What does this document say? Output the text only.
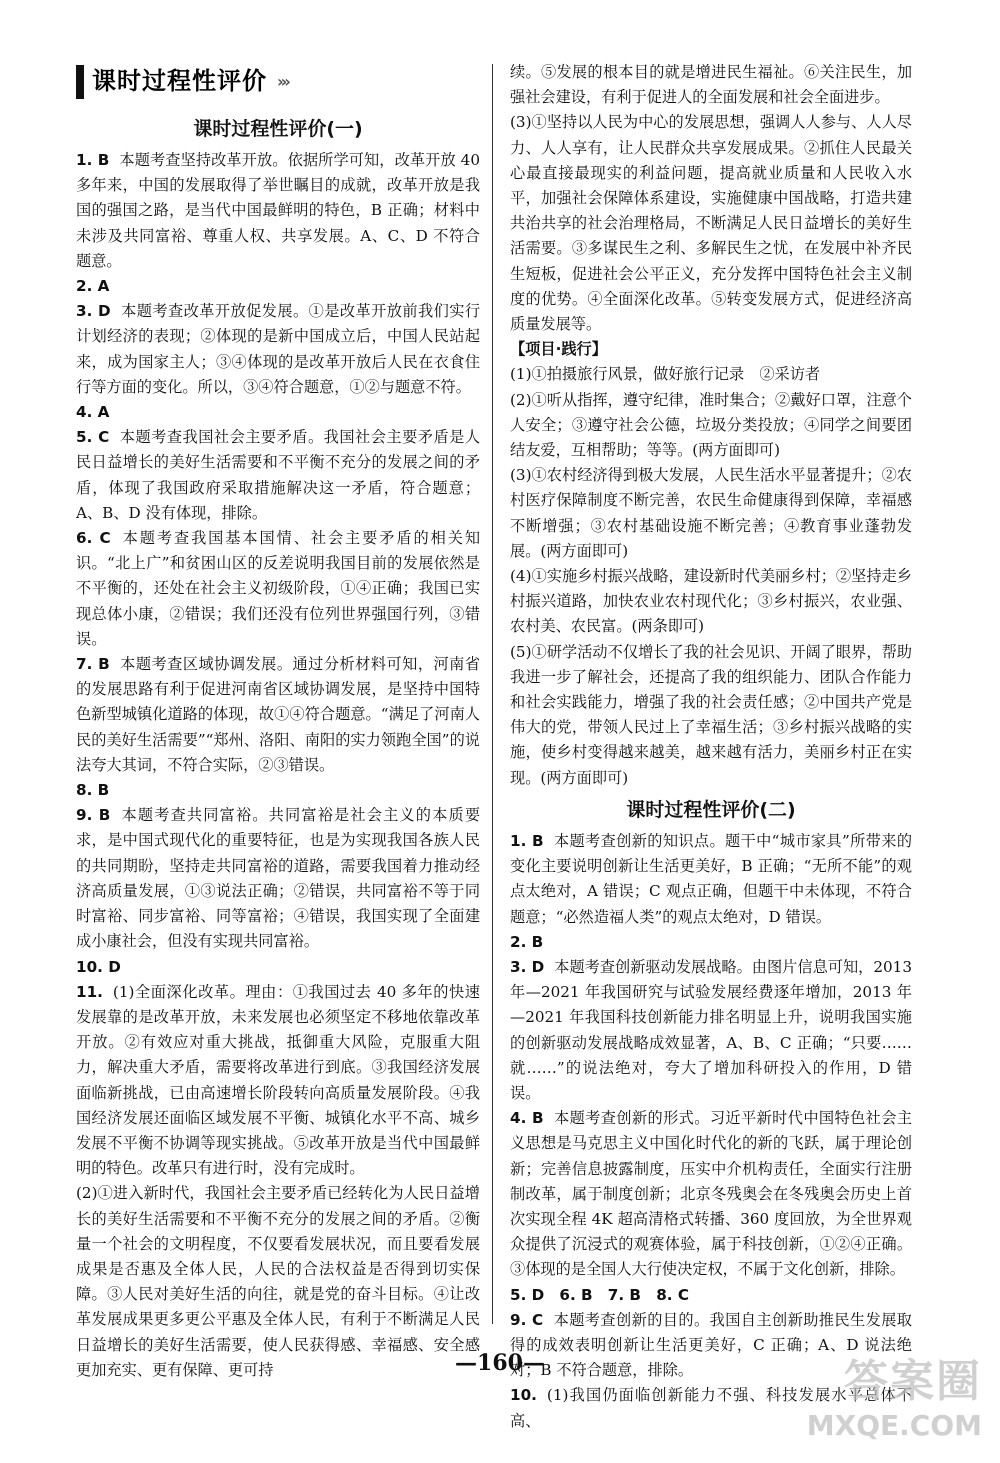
课时过程性评价 ›››
课时过程性评价(一)
1. B 本题考查坚持改革开放。依据所学可知，改革开放 40 多年来，中国的发展取得了举世瞩目的成就，改革开放是我国的强国之路，是当代中国最鲜明的特色，B 正确；材料中未涉及共同富裕、尊重人权、共享发展。A、C、D 不符合题意。
2. A
3. D 本题考查改革开放促发展。①是改革开放前我们实行计划经济的表现；②体现的是新中国成立后，中国人民站起来，成为国家主人；③④体现的是改革开放后人民在衣食住行等方面的变化。所以，③④符合题意，①②与题意不符。
4. A
5. C 本题考查我国社会主要矛盾。我国社会主要矛盾是人民日益增长的美好生活需要和不平衡不充分的发展之间的矛盾，体现了我国政府采取措施解决这一矛盾，符合题意；A、B、D 没有体现，排除。
6. C 本题考查我国基本国情、社会主要矛盾的相关知识。“北上广”和贫困山区的反差说明我国目前的发展依然是不平衡的，还处在社会主义初级阶段，①④正确；我国已实现总体小康，②错误；我们还没有位列世界强国行列，③错误。
7. B 本题考查区域协调发展。通过分析材料可知，河南省的发展思路有利于促进河南省区域协调发展，是坚持中国特色新型城镇化道路的体现，故①④符合题意。“满足了河南人民的美好生活需要”“郑州、洛阳、南阳的实力领跑全国”的说法夸大其词，不符合实际，②③错误。
8. B
9. B 本题考查共同富裕。共同富裕是社会主义的本质要求，是中国式现代化的重要特征，也是为实现我国各族人民的共同期盼，坚持走共同富裕的道路，需要我国着力推动经济高质量发展，①③说法正确；②错误，共同富裕不等于同时富裕、同步富裕、同等富裕；④错误，我国实现了全面建成小康社会，但没有实现共同富裕。
10. D
11. (1)全面深化改革。理由：①我国过去 40 多年的快速发展靠的是改革开放，未来发展也必须坚定不移地依靠改革开放。②有效应对重大挑战，抵御重大风险，克服重大阻力，解决重大矛盾，需要将改革进行到底。③我国经济发展面临新挑战，已由高速增长阶段转向高质量发展阶段。④我国经济发展还面临区域发展不平衡、城镇化水平不高、城乡发展不平衡不协调等现实挑战。⑤改革开放是当代中国最鲜明的特色。改革只有进行时，没有完成时。
(2)①进入新时代，我国社会主要矛盾已经转化为人民日益增长的美好生活需要和不平衡不充分的发展之间的矛盾。②衡量一个社会的文明程度，不仅要看发展状况，而且要看发展成果是否惠及全体人民，人民的合法权益是否得到切实保障。③人民对美好生活的向往，就是党的奋斗目标。④让改革发展成果更多更公平惠及全体人民，有利于不断满足人民日益增长的美好生活需要，使人民获得感、幸福感、安全感更加充实、更有保障、更可持
续。⑤发展的根本目的就是增进民生福祉。⑥关注民生，加强社会建设，有利于促进人的全面发展和社会全面进步。
(3)①坚持以人民为中心的发展思想，强调人人参与、人人尽力、人人享有，让人民群众共享发展成果。②抓住人民最关心最直接最现实的利益问题，提高就业质量和人民收入水平，加强社会保障体系建设，实施健康中国战略，打造共建共治共享的社会治理格局，不断满足人民日益增长的美好生活需要。③多谋民生之利、多解民生之忧，在发展中补齐民生短板，促进社会公平正义，充分发挥中国特色社会主义制度的优势。④全面深化改革。⑤转变发展方式，促进经济高质量发展等。
【项目·践行】
(1)①拍摄旅行风景，做好旅行记录　②采访者
(2)①听从指挥，遵守纪律，准时集合；②戴好口罩，注意个人安全；③遵守社会公德，垃圾分类投放；④同学之间要团结友爱，互相帮助；等等。(两方面即可)
(3)①农村经济得到极大发展，人民生活水平显著提升；②农村医疗保障制度不断完善，农民生命健康得到保障，幸福感不断增强；③农村基础设施不断完善；④教育事业蓬勃发展。(两方面即可)
(4)①实施乡村振兴战略，建设新时代美丽乡村；②坚持走乡村振兴道路，加快农业农村现代化；③乡村振兴，农业强、农村美、农民富。(两条即可)
(5)①研学活动不仅增长了我的社会见识、开阔了眼界，帮助我进一步了解社会，还提高了我的组织能力、团队合作能力和社会实践能力，增强了我的社会责任感；②中国共产党是伟大的党，带领人民过上了幸福生活；③乡村振兴战略的实施，使乡村变得越来越美，越来越有活力，美丽乡村正在实现。(两方面即可)
课时过程性评价(二)
1. B 本题考查创新的知识点。题干中“城市家具”所带来的变化主要说明创新让生活更美好，B 正确；“无所不能”的观点太绝对，A 错误；C 观点正确，但题干中未体现，不符合题意；“必然造福人类”的观点太绝对，D 错误。
2. B
3. D 本题考查创新驱动发展战略。由图片信息可知，2013 年—2021 年我国研究与试验发展经费逐年增加，2013 年—2021 年我国科技创新能力排名明显上升，说明我国实施的创新驱动发展战略成效显著，A、B、C 正确；“只要……就……”的说法绝对，夸大了增加科研投入的作用，D 错误。
4. B 本题考查创新的形式。习近平新时代中国特色社会主义思想是马克思主义中国化时代化的新的飞跃，属于理论创新；完善信息披露制度，压实中介机构责任，全面实行注册制改革，属于制度创新；北京冬残奥会在冬残奥会历史上首次实现全程 4K 超高清格式转播、360 度回放，为全世界观众提供了沉浸式的观赛体验，属于科技创新，①②④正确。③体现的是全国人大行使决定权，不属于文化创新，排除。
5. D　6. B　7. B　8. C
9. C 本题考查创新的目的。我国自主创新助推民生发展取得的成效表明创新让生活更美好，C 正确；A、D 说法绝对；B 不符合题意，排除。
10. (1)我国仍面临创新能力不强、科技发展水平总体不高、
—160—	答案圈
MXQE.COM
